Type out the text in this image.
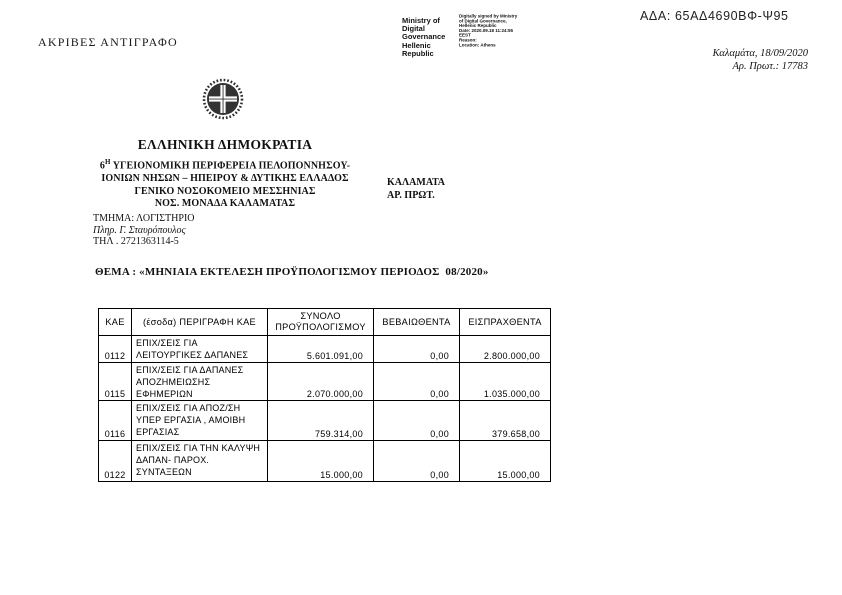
ΑΚΡΙΒΕΣ ΑΝΤΙΓΡΑΦΟ
Ministry of Digital
Governance
Hellenic Republic
Digitally signed by Ministry
of Digital Governance,
Hellenic Republic
Date: 2020.09.18 11:24:55
EEST
Reason:
Location: Athens
ΑΔΑ: 65ΑΔ4690ΒΦ-Ψ95
Καλαμάτα, 18/09/2020
Αρ. Πρωτ.: 17783
ΕΛΛΗΝΙΚΗ ΔΗΜΟΚΡΑΤΙΑ
$6^H$ ΥΓΕΙΟΝΟΜΙΚΗ ΠΕΡΙΦΕΡΕΙΑ ΠΕΛΟΠΟΝΝΗΣΟΥ-
ΙΟΝΙΩΝ ΝΗΣΩΝ – ΗΠΕΙΡΟΥ & ΔΥΤΙΚΗΣ ΕΛΛΑΔΟΣ
ΓΕΝΙΚΟ ΝΟΣΟΚΟΜΕΙΟ ΜΕΣΣΗΝΙΑΣ
ΝΟΣ. ΜΟΝΑΔΑ ΚΑΛΑΜΑΤΑΣ
ΚΑΛΑΜΑΤΑ
ΑΡ. ΠΡΩΤ.
ΤΜΗΜΑ: ΛΟΓΙΣΤΗΡΙΟ
Πληρ. Γ. Σταυρόπουλος
ΤΗΛ . 2721363114-5
ΘΕΜΑ : «ΜΗΝΙΑΙΑ ΕΚΤΕΛΕΣΗ ΠΡΟΫΠΟΛΟΓΙΣΜΟΥ ΠΕΡΙΟΔΟΣ  08/2020»
ΚΑΕ	(έσοδα) ΠΕΡΙΓΡΑΦΗ ΚΑΕ	ΣΥΝΟΛΟ ΠΡΟΫΠΟΛΟΓΙΣΜΟΥ	ΒΕΒΑΙΩΘΕΝΤΑ	ΕΙΣΠΡΑΧΘΕΝΤΑ
0112	ΕΠΙΧ/ΣΕΙΣ ΓΙΑ ΛΕΙΤΟΥΡΓΙΚΕΣ ΔΑΠΑΝΕΣ	5.601.091,00	0,00	2.800.000,00
0115	ΕΠΙΧ/ΣΕΙΣ ΓΙΑ ΔΑΠΑΝΕΣ ΑΠΟΖΗΜΕΙΩΣΗΣ ΕΦΗΜΕΡΙΩΝ	2.070.000,00	0,00	1.035.000,00
0116	ΕΠΙΧ/ΣΕΙΣ ΓΙΑ ΑΠΟΖ/ΣΗ ΥΠΕΡ ΕΡΓΑΣΙΑ , ΑΜΟΙΒΗ ΕΡΓΑΣΙΑΣ	759.314,00	0,00	379.658,00
0122	ΕΠΙΧ/ΣΕΙΣ ΓΙΑ ΤΗΝ ΚΑΛΥΨΗ ΔΑΠΑΝ- ΠΑΡΟΧ. ΣΥΝΤΑΞΕΩΝ	15.000,00	0,00	15.000,00
